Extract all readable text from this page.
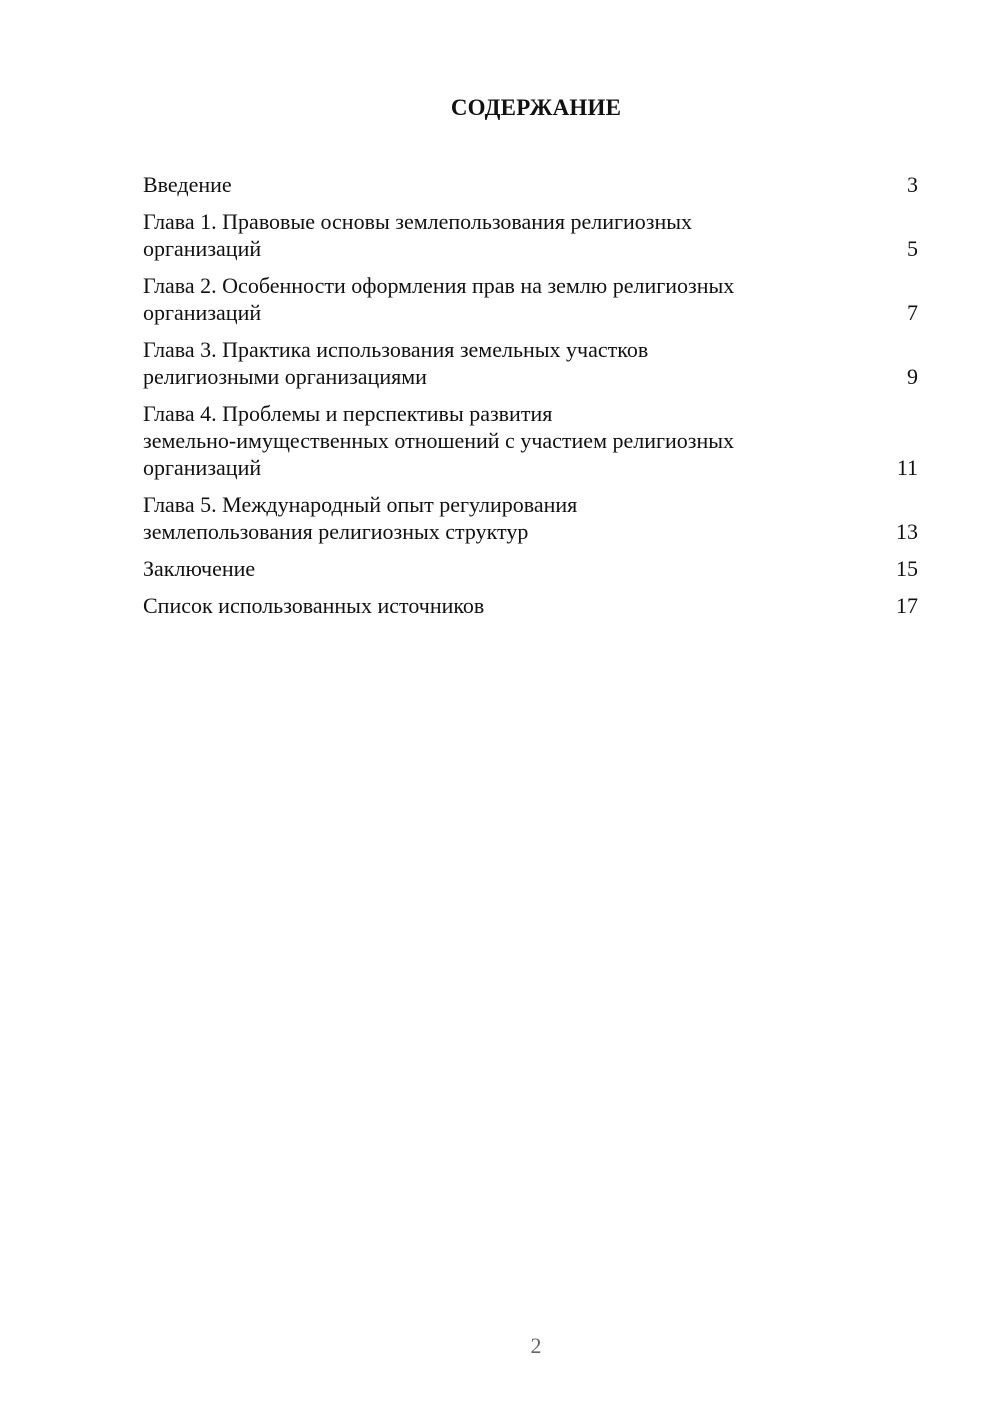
СОДЕРЖАНИЕ
Введение	3
Глава 1. Правовые основы землепользования религиозных
организаций	5
Глава 2. Особенности оформления прав на землю религиозных
организаций	7
Глава 3. Практика использования земельных участков
религиозными организациями	9
Глава 4. Проблемы и перспективы развития
земельно-имущественных отношений с участием религиозных
организаций	11
Глава 5. Международный опыт регулирования
землепользования религиозных структур	13
Заключение	15
Список использованных источников	17
2
